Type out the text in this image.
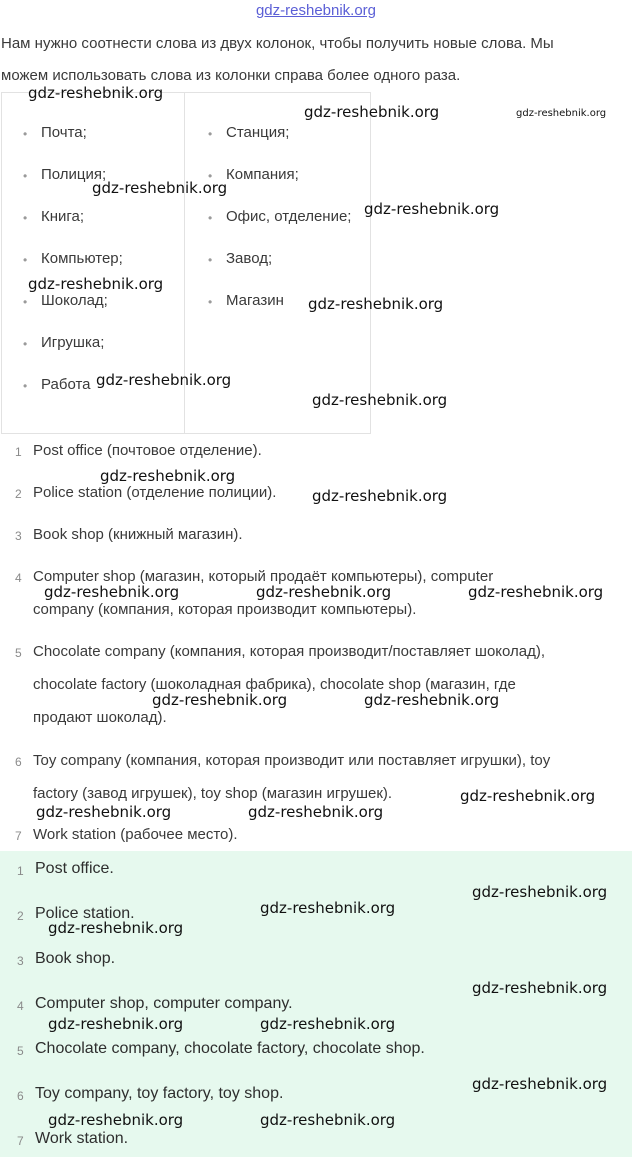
gdz-reshebnik.org
Нам нужно соотнести слова из двух колонок, чтобы получить новые слова. Мы
можем использовать слова из колонки справа более одного раза.
• Почта;
• Полиция;
• Книга;
• Компьютер;
• Шоколад;
• Игрушка;
• Работа
• Станция;
• Компания;
• Офис, отделение;
• Завод;
• Магазин
1 Post office (почтовое отделение).
2 Police station (отделение полиции).
3 Book shop (книжный магазин).
4 Computer shop (магазин, который продаёт компьютеры), computer
company (компания, которая производит компьютеры).
5 Chocolate company (компания, которая производит/поставляет шоколад),
chocolate factory (шоколадная фабрика), chocolate shop (магазин, где
продают шоколад).
6 Toy company (компания, которая производит или поставляет игрушки), toy
factory (завод игрушек), toy shop (магазин игрушек).
7 Work station (рабочее место).
1 Post office.
2 Police station.
3 Book shop.
4 Computer shop, computer company.
5 Chocolate company, chocolate factory, chocolate shop.
6 Toy company, toy factory, toy shop.
7 Work station.
gdz-reshebnik.org
gdz-reshebnik.org	gdz-reshebnik.org
gdz-reshebnik.org
gdz-reshebnik.org
gdz-reshebnik.org
gdz-reshebnik.org
gdz-reshebnik.org
gdz-reshebnik.org
gdz-reshebnik.org
gdz-reshebnik.org
gdz-reshebnik.org	gdz-reshebnik.org	gdz-reshebnik.org
gdz-reshebnik.org	gdz-reshebnik.org
gdz-reshebnik.org
gdz-reshebnik.org	gdz-reshebnik.org
gdz-reshebnik.org
gdz-reshebnik.org
gdz-reshebnik.org
gdz-reshebnik.org
gdz-reshebnik.org	gdz-reshebnik.org
gdz-reshebnik.org
gdz-reshebnik.org	gdz-reshebnik.org
